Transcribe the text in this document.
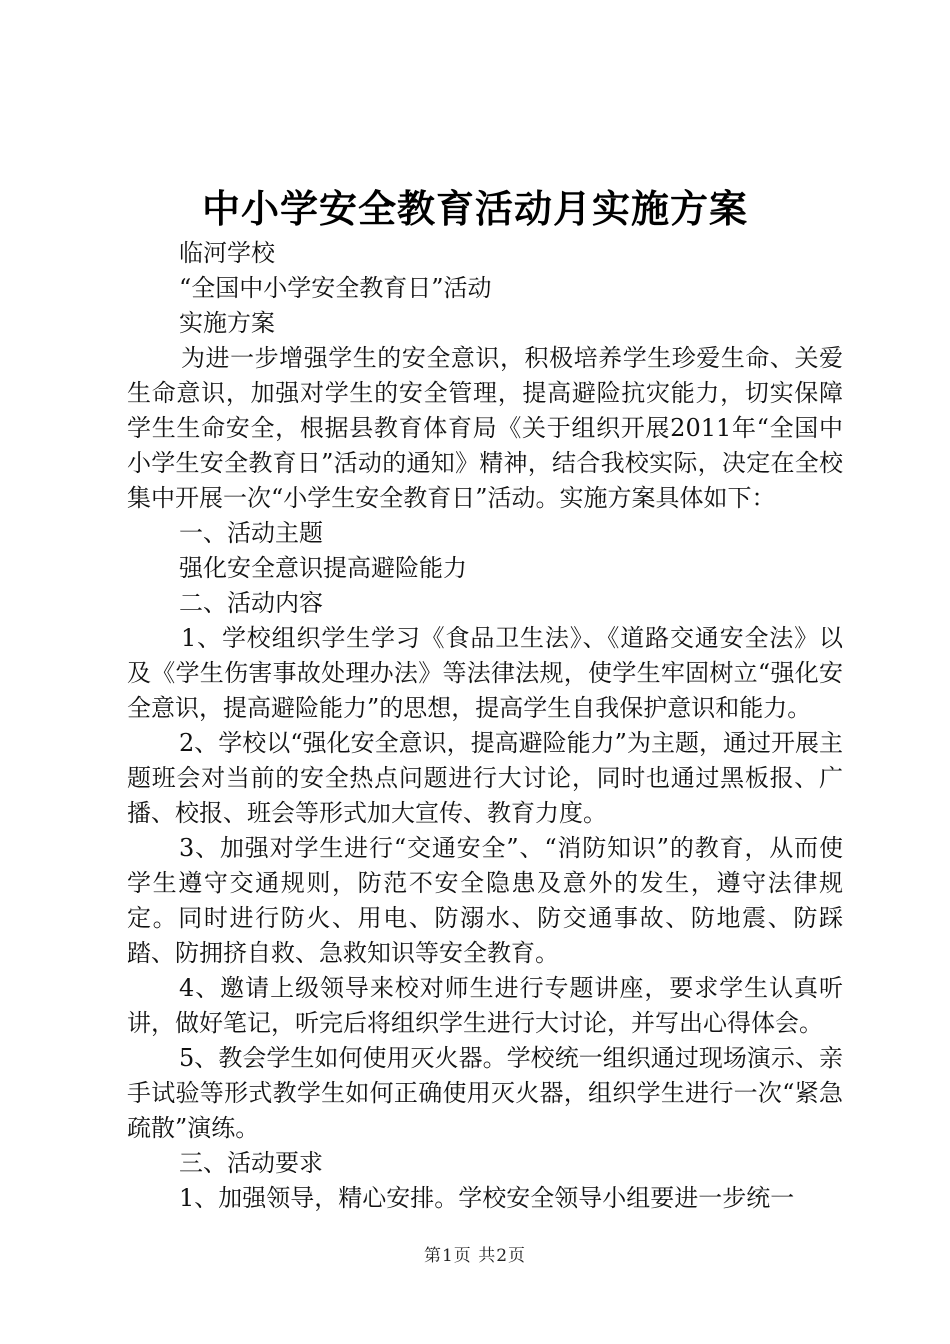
中小学安全教育活动月实施方案

临河学校

“全国中小学安全教育日”活动

实施方案

为进一步增强学生的安全意识，积极培养学生珍爱生命、关爱生命意识，加强对学生的安全管理，提高避险抗灾能力，切实保障学生生命安全，根据县教育体育局《关于组织开展2011年“全国中小学生安全教育日”活动的通知》精神，结合我校实际，决定在全校集中开展一次“小学生安全教育日”活动。实施方案具体如下：

一、活动主题

强化安全意识提高避险能力

二、活动内容

1、学校组织学生学习《食品卫生法》、《道路交通安全法》以及《学生伤害事故处理办法》等法律法规，使学生牢固树立“强化安全意识，提高避险能力”的思想，提高学生自我保护意识和能力。

2、学校以“强化安全意识，提高避险能力”为主题，通过开展主题班会对当前的安全热点问题进行大讨论，同时也通过黑板报、广播、校报、班会等形式加大宣传、教育力度。

3、加强对学生进行“交通安全”、“消防知识”的教育，从而使学生遵守交通规则，防范不安全隐患及意外的发生，遵守法律规定。同时进行防火、用电、防溺水、防交通事故、防地震、防踩踏、防拥挤自救、急救知识等安全教育。

4、邀请上级领导来校对师生进行专题讲座，要求学生认真听讲，做好笔记，听完后将组织学生进行大讨论，并写出心得体会。

5、教会学生如何使用灭火器。学校统一组织通过现场演示、亲手试验等形式教学生如何正确使用灭火器，组织学生进行一次“紧急疏散”演练。

三、活动要求

1、加强领导，精心安排。学校安全领导小组要进一步统一

第1页 共2页
